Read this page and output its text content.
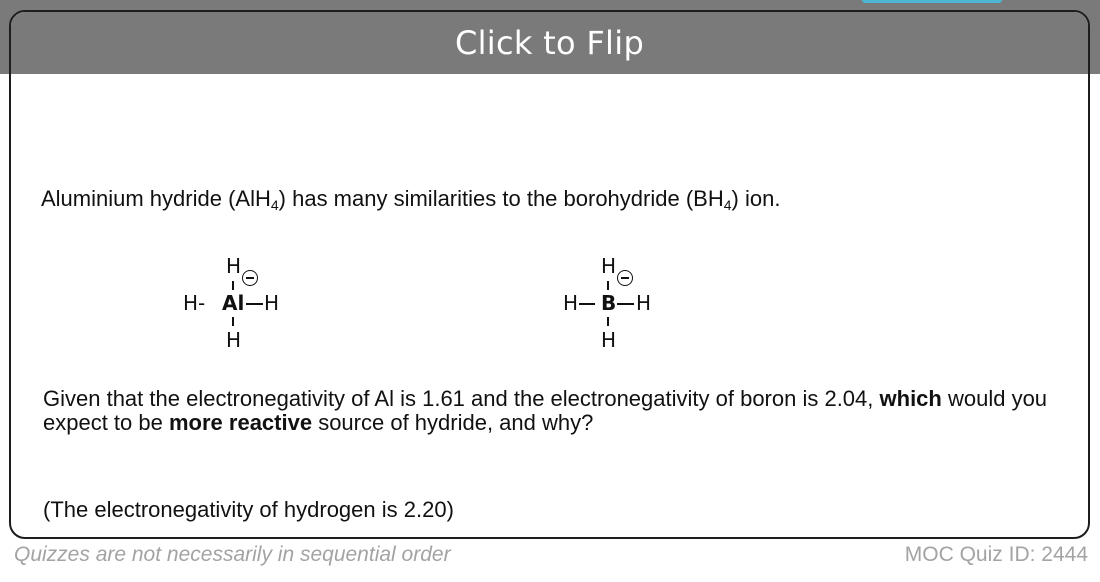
Click to Flip

Aluminium hydride (AlH$_4$) has many similarities to the borohydride $(BH_4)$ ion.

H
H- Al H
H
H
H B H
H

Given that the electronegativity of Al is 1.61 and the electronegativity of boron is 2.04, which would you expect to be more reactive source of hydride, and why?

(The electronegativity of hydrogen is 2.20)

Quizzes are not necessarily in sequential order	MOC Quiz ID: 2444
